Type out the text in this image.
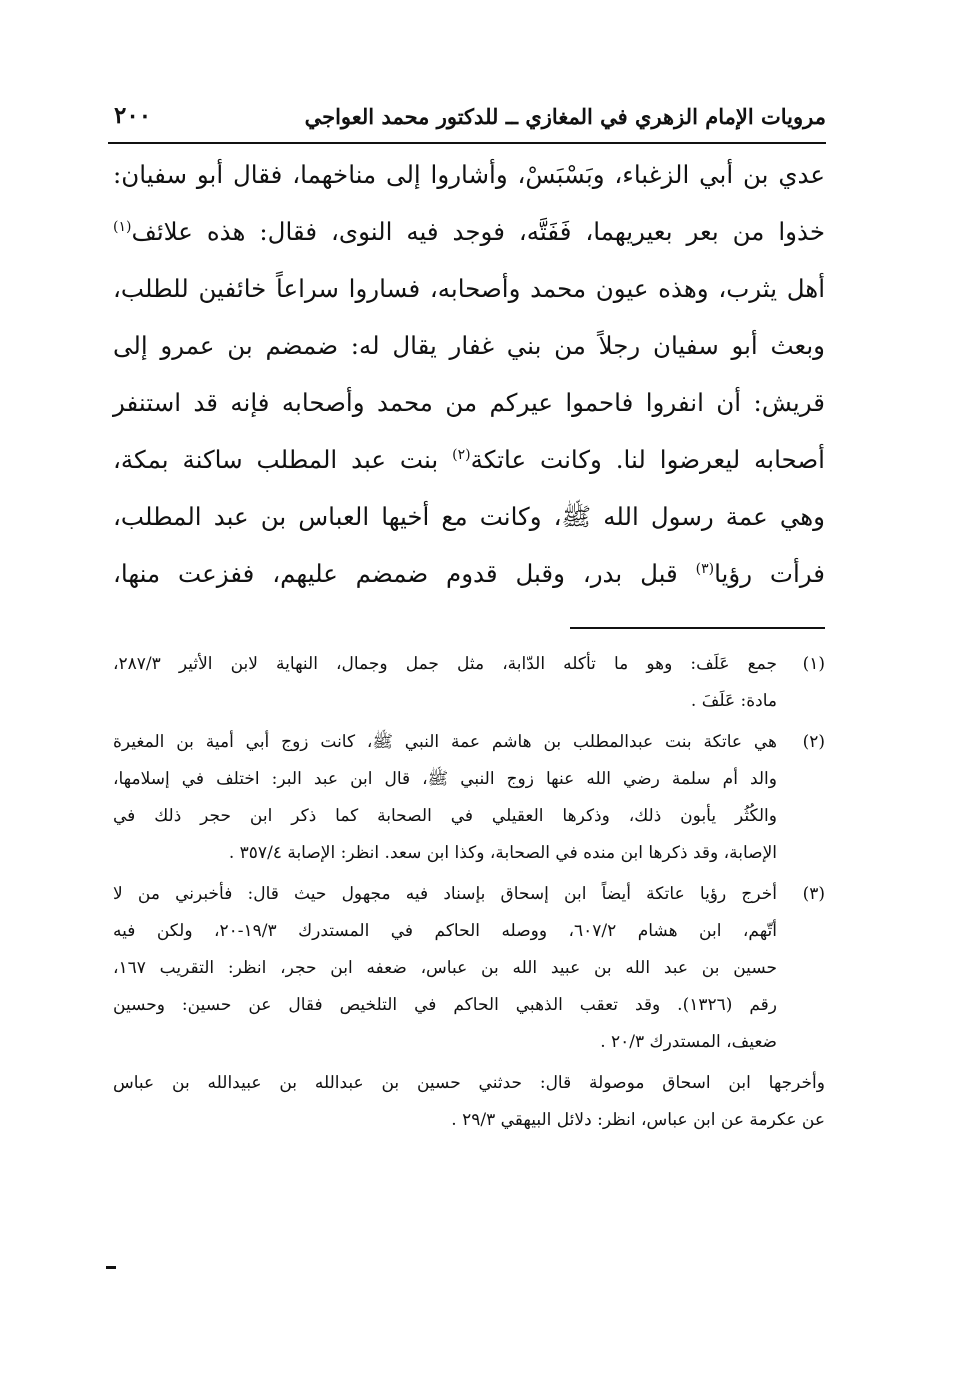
مرويات الإمام الزهري في المغازي ــ للدكتور محمد العواجي
٢٠٠
عدي بن أبي الزغباء، وبَسْبَسْ، وأشاروا إلى مناخهما، فقال أبو سفيان:
خذوا من بعر بعيريهما، فَفَتَّه، فوجد فيه النوى، فقال: هذه علائف$^{(١)}$
أهل يثرب، وهذه عيون محمد وأصحابه، فساروا سراعاً خائفين للطلب،
وبعث أبو سفيان رجلاً من بني غفار يقال له: ضمضم بن عمرو إلى
قريش: أن انفروا فاحموا عيركم من محمد وأصحابه فإنه قد استنفر
أصحابه ليعرضوا لنا. وكانت عاتكة$^{(٢)}$ بنت عبد المطلب ساكنة بمكة،
وهي عمة رسول الله ﷺ، وكانت مع أخيها العباس بن عبد المطلب،
فرأت رؤيا$^{(٣)}$ قبل بدر، وقبل قدوم ضمضم عليهم، ففزعت منها،
(١)
جمع عَلَف: وهو ما تأكله الدّابة، مثل جمل وجمال، النهاية لابن الأثير ٢٨٧/٣،
مادة: عَلَفَ .
(٢)
هي عاتكة بنت عبدالمطلب بن هاشم عمة النبي ﷺ، كانت زوج أبي أمية بن المغيرة
والد أم سلمة رضي الله عنها زوج النبي ﷺ، قال ابن عبد البر: اختلف في إسلامها،
والكُثُر يأبون ذلك، وذكرها العقيلي في الصحابة كما ذكر ابن حجر ذلك في
الإصابة، وقد ذكرها ابن منده في الصحابة، وكذا ابن سعد. انظر: الإصابة ٣٥٧/٤ .
(٣)
أخرج رؤيا عاتكة أيضاً ابن إسحاق بإسناد فيه مجهول حيث قال: فأخبرني من لا
أتّهم، ابن هشام ٦٠٧/٢، ووصله الحاكم في المستدرك ١٩/٣-٢٠، ولكن فيه
حسين بن عبد الله بن عبيد الله بن عباس، ضعفه ابن حجر، انظر: التقريب ١٦٧،
رقم (١٣٢٦). وقد تعقب الذهبي الحاكم في التلخيص فقال عن حسين: وحسين
ضعيف، المستدرك ٢٠/٣ .
وأخرجها ابن اسحاق موصولة قال: حدثني حسين بن عبدالله بن عبيدالله بن عباس
عن عكرمة عن ابن عباس، انظر: دلائل البيهقي ٢٩/٣ .
